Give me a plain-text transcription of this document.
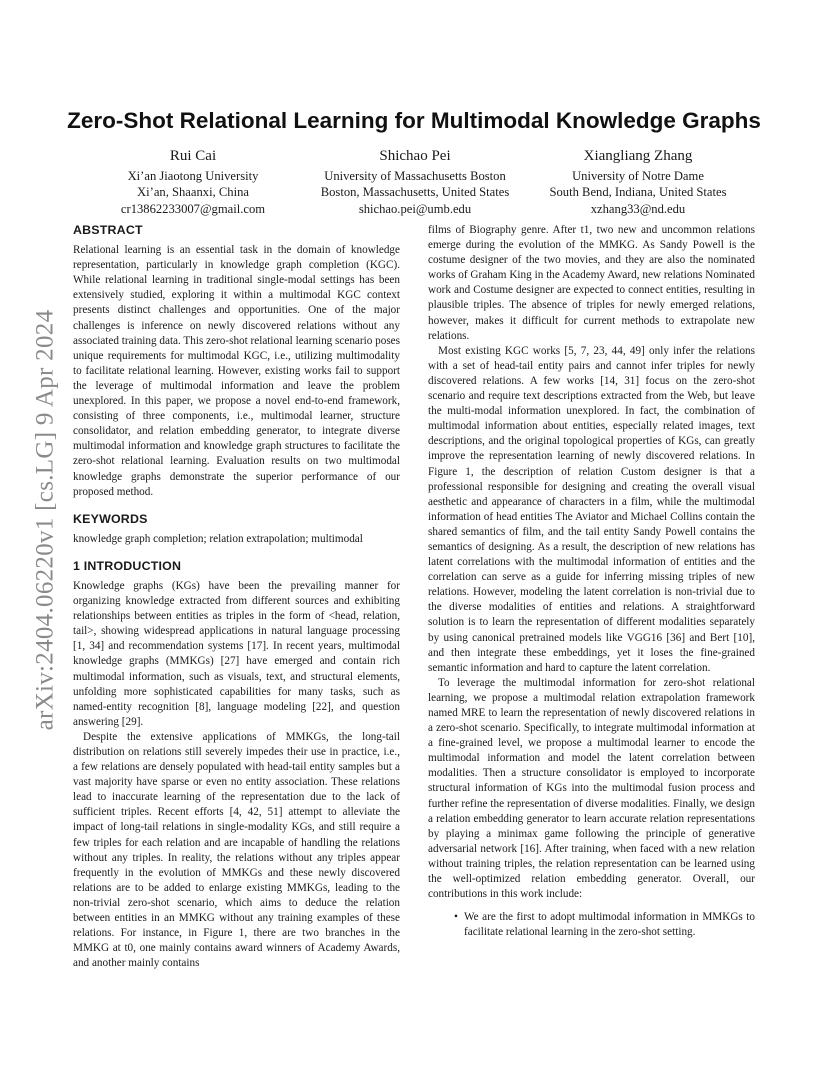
arXiv:2404.06220v1 [cs.LG] 9 Apr 2024
Zero-Shot Relational Learning for Multimodal Knowledge Graphs
Rui Cai
Xi’an Jiaotong University
Xi’an, Shaanxi, China
cr13862233007@gmail.com
Shichao Pei
University of Massachusetts Boston
Boston, Massachusetts, United States
shichao.pei@umb.edu
Xiangliang Zhang
University of Notre Dame
South Bend, Indiana, United States
xzhang33@nd.edu
ABSTRACT

Relational learning is an essential task in the domain of knowledge representation, particularly in knowledge graph completion (KGC). While relational learning in traditional single-modal settings has been extensively studied, exploring it within a multimodal KGC context presents distinct challenges and opportunities. One of the major challenges is inference on newly discovered relations without any associated training data. This zero-shot relational learning scenario poses unique requirements for multimodal KGC, i.e., utilizing multimodality to facilitate relational learning. However, existing works fail to support the leverage of multimodal information and leave the problem unexplored. In this paper, we propose a novel end-to-end framework, consisting of three components, i.e., multimodal learner, structure consolidator, and relation embedding generator, to integrate diverse multimodal information and knowledge graph structures to facilitate the zero-shot relational learning. Evaluation results on two multimodal knowledge graphs demonstrate the superior performance of our proposed method.

KEYWORDS

knowledge graph completion; relation extrapolation; multimodal

1 INTRODUCTION

Knowledge graphs (KGs) have been the prevailing manner for organizing knowledge extracted from different sources and exhibiting relationships between entities as triples in the form of <head, relation, tail>, showing widespread applications in natural language processing [1, 34] and recommendation systems [17]. In recent years, multimodal knowledge graphs (MMKGs) [27] have emerged and contain rich multimodal information, such as visuals, text, and structural elements, unfolding more sophisticated capabilities for many tasks, such as named-entity recognition [8], language modeling [22], and question answering [29].

Despite the extensive applications of MMKGs, the long-tail distribution on relations still severely impedes their use in practice, i.e., a few relations are densely populated with head-tail entity samples but a vast majority have sparse or even no entity association. These relations lead to inaccurate learning of the representation due to the lack of sufficient triples. Recent efforts [4, 42, 51] attempt to alleviate the impact of long-tail relations in single-modality KGs, and still require a few triples for each relation and are incapable of handling the relations without any triples. In reality, the relations without any triples appear frequently in the evolution of MMKGs and these newly discovered relations are to be added to enlarge existing MMKGs, leading to the non-trivial zero-shot scenario, which aims to deduce the relation between entities in an MMKG without any training examples of these relations. For instance, in Figure 1, there are two branches in the MMKG at t0, one mainly contains award winners of Academy Awards, and another mainly contains

films of Biography genre. After t1, two new and uncommon relations emerge during the evolution of the MMKG. As Sandy Powell is the costume designer of the two movies, and they are also the nominated works of Graham King in the Academy Award, new relations Nominated work and Costume designer are expected to connect entities, resulting in plausible triples. The absence of triples for newly emerged relations, however, makes it difficult for current methods to extrapolate new relations.

Most existing KGC works [5, 7, 23, 44, 49] only infer the relations with a set of head-tail entity pairs and cannot infer triples for newly discovered relations. A few works [14, 31] focus on the zero-shot scenario and require text descriptions extracted from the Web, but leave the multi-modal information unexplored. In fact, the combination of multimodal information about entities, especially related images, text descriptions, and the original topological properties of KGs, can greatly improve the representation learning of newly discovered relations. In Figure 1, the description of relation Custom designer is that a professional responsible for designing and creating the overall visual aesthetic and appearance of characters in a film, while the multimodal information of head entities The Aviator and Michael Collins contain the shared semantics of film, and the tail entity Sandy Powell contains the semantics of designing. As a result, the description of new relations has latent correlations with the multimodal information of entities and the correlation can serve as a guide for inferring missing triples of new relations. However, modeling the latent correlation is non-trivial due to the diverse modalities of entities and relations. A straightforward solution is to learn the representation of different modalities separately by using canonical pretrained models like VGG16 [36] and Bert [10], and then integrate these embeddings, yet it loses the fine-grained semantic information and hard to capture the latent correlation.

To leverage the multimodal information for zero-shot relational learning, we propose a multimodal relation extrapolation framework named MRE to learn the representation of newly discovered relations in a zero-shot scenario. Specifically, to integrate multimodal information at a fine-grained level, we propose a multimodal learner to encode the multimodal information and model the latent correlation between modalities. Then a structure consolidator is employed to incorporate structural information of KGs into the multimodal fusion process and further refine the representation of diverse modalities. Finally, we design a relation embedding generator to learn accurate relation representations by playing a minimax game following the principle of generative adversarial network [16]. After training, when faced with a new relation without training triples, the relation representation can be learned using the well-optimized relation embedding generator. Overall, our contributions in this work include:

• We are the first to adopt multimodal information in MMKGs to facilitate relational learning in the zero-shot setting.
